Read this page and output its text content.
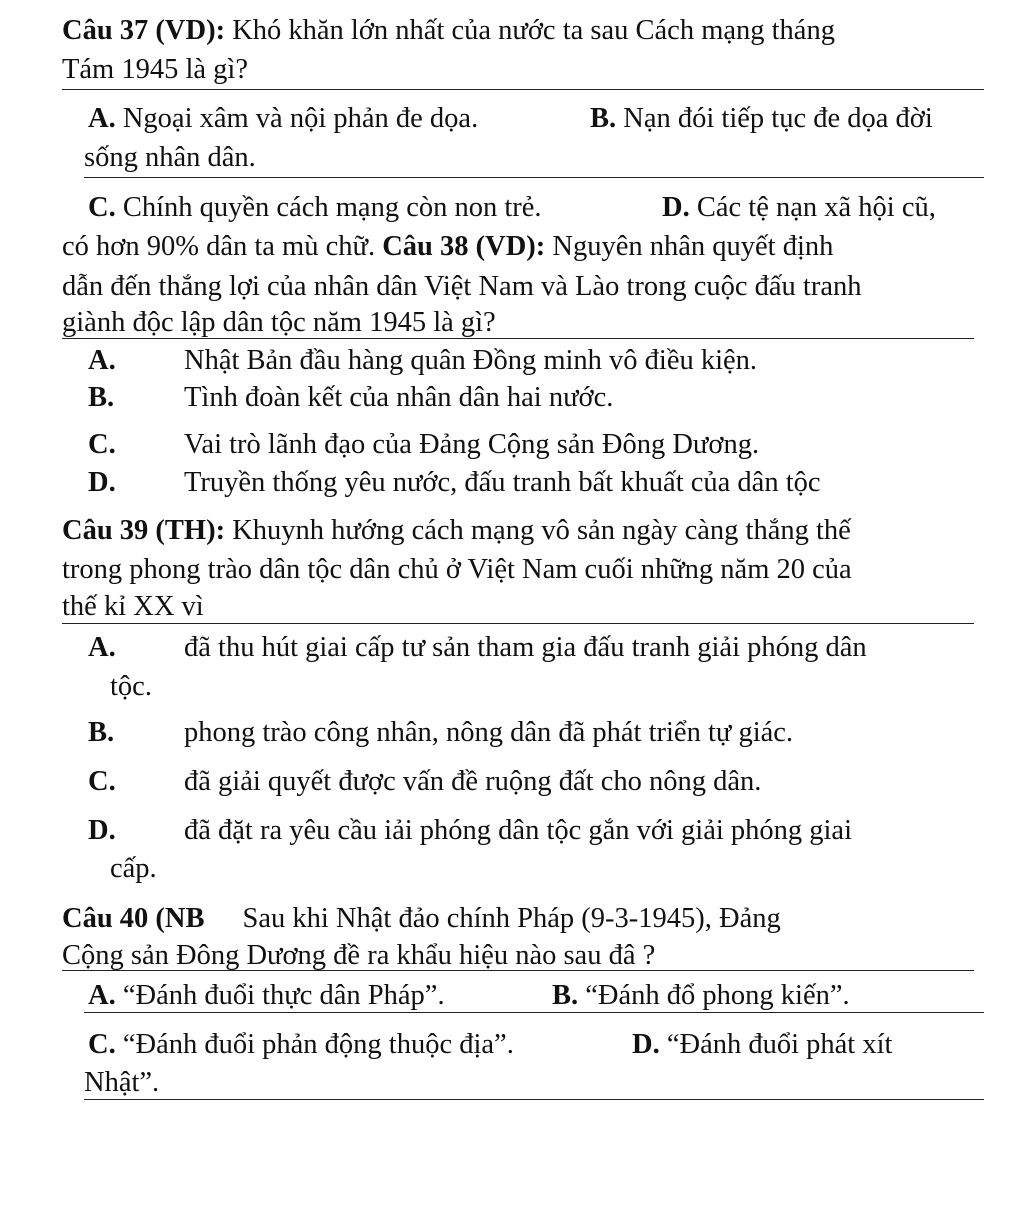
Câu 37 (VD): Khó khăn lớn nhất của nước ta sau Cách mạng tháng
Tám 1945 là gì?
A. Ngoại xâm và nội phản đe dọa.	B. Nạn đói tiếp tục đe dọa đời
sống nhân dân.
C. Chính quyền cách mạng còn non trẻ.	D. Các tệ nạn xã hội cũ,
có hơn 90% dân ta mù chữ. Câu 38 (VD): Nguyên nhân quyết định
dẫn đến thắng lợi của nhân dân Việt Nam và Lào trong cuộc đấu tranh
giành độc lập dân tộc năm 1945 là gì?
A. Nhật Bản đầu hàng quân Đồng minh vô điều kiện.
B. Tình đoàn kết của nhân dân hai nước.
C. Vai trò lãnh đạo của Đảng Cộng sản Đông Dương.
D. Truyền thống yêu nước, đấu tranh bất khuất của dân tộc
Câu 39 (TH): Khuynh hướng cách mạng vô sản ngày càng thắng thế
trong phong trào dân tộc dân chủ ở Việt Nam cuối những năm 20 của
thế kỉ XX vì
A. đã thu hút giai cấp tư sản tham gia đấu tranh giải phóng dân
tộc.
B. phong trào công nhân, nông dân đã phát triển tự giác.
C. đã giải quyết được vấn đề ruộng đất cho nông dân.
D. đã đặt ra yêu cầu iải phóng dân tộc gắn với giải phóng giai
cấp.
Câu 40 (NB Sau khi Nhật đảo chính Pháp (9-3-1945), Đảng
Cộng sản Đông Dương đề ra khẩu hiệu nào sau đâ ?
A. “Đánh đuổi thực dân Pháp”.	B. “Đánh đổ phong kiến”.
C. “Đánh đuổi phản động thuộc địa”.	D. “Đánh đuổi phát xít
Nhật”.
